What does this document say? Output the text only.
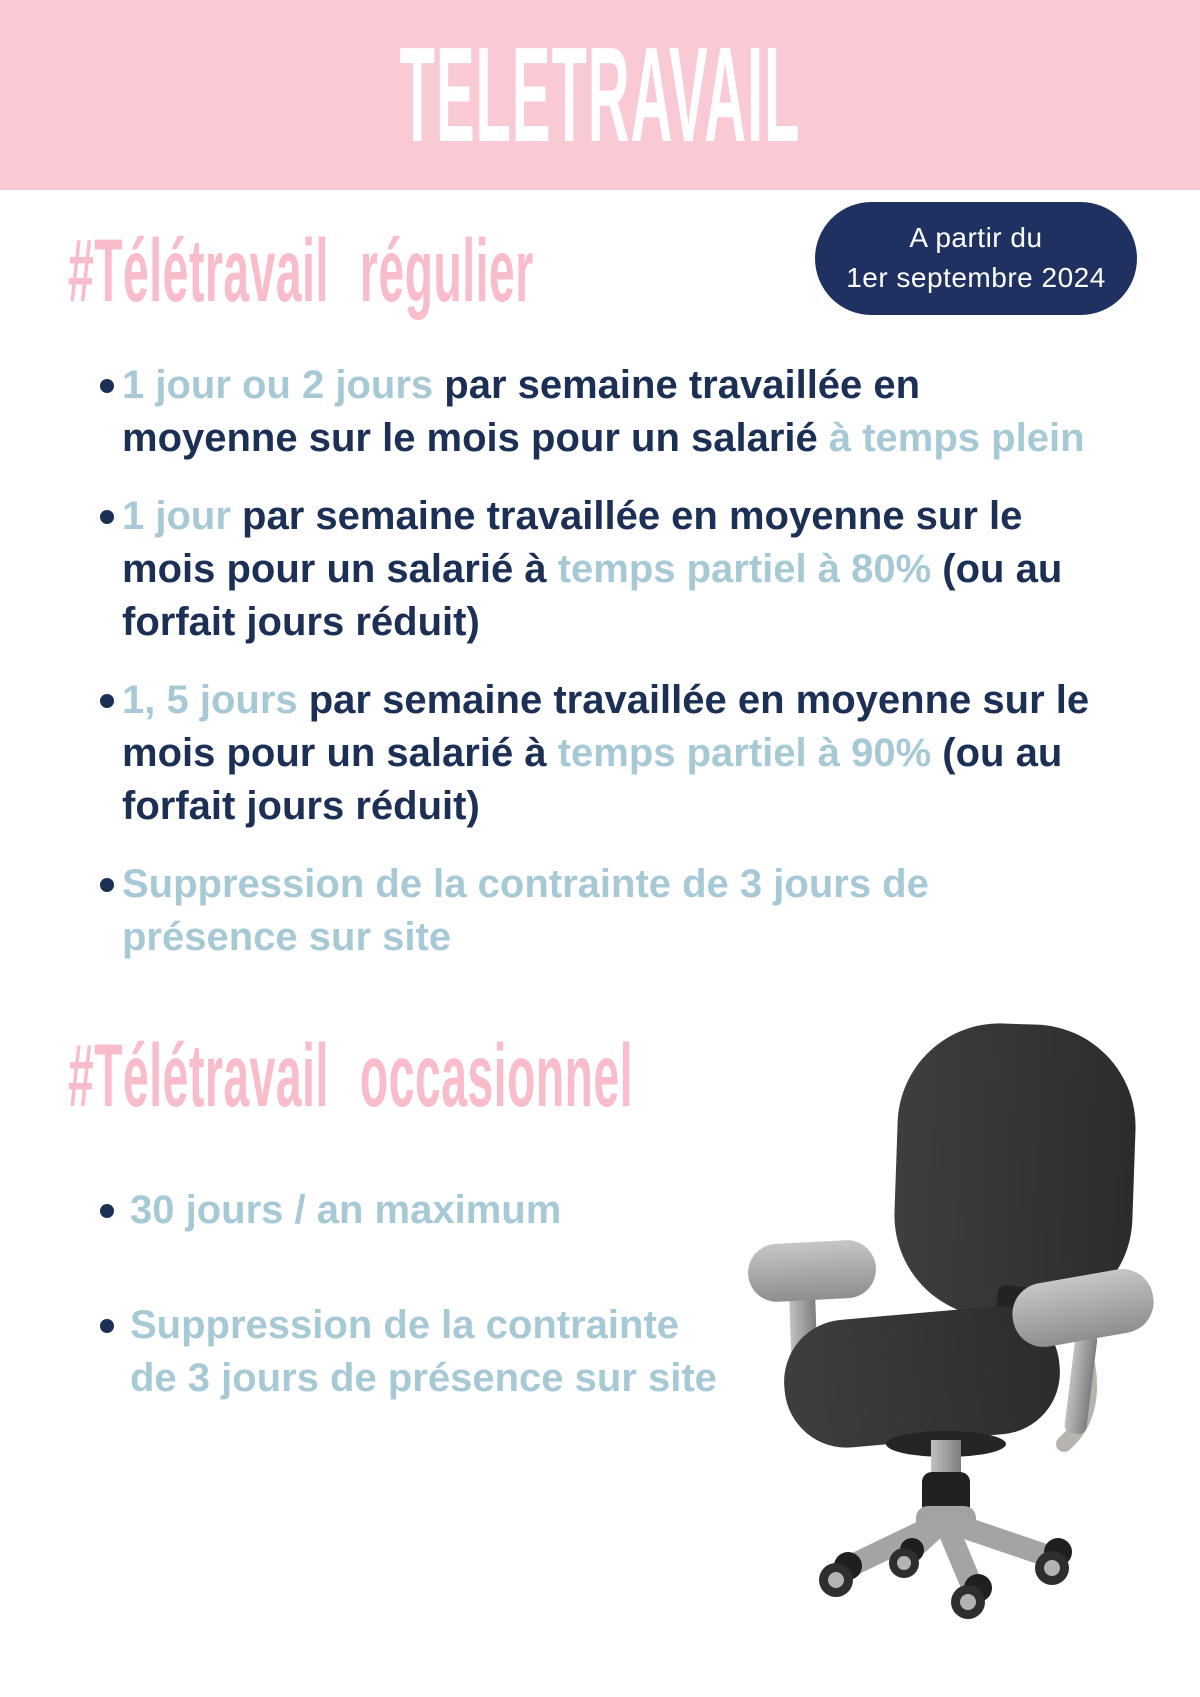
TELETRAVAIL
A partir du
1er septembre 2024
#Télétravail régulier
1 jour ou 2 jours par semaine travaillée en
moyenne sur le mois pour un salarié à temps plein
1 jour par semaine travaillée en moyenne sur le
mois pour un salarié à temps partiel à 80% (ou au
forfait jours réduit)
1, 5 jours par semaine travaillée en moyenne sur le
mois pour un salarié à temps partiel à 90% (ou au
forfait jours réduit)
Suppression de la contrainte de 3 jours de
présence sur site
#Télétravail occasionnel
30 jours / an maximum
Suppression de la contrainte
de 3 jours de présence sur site
